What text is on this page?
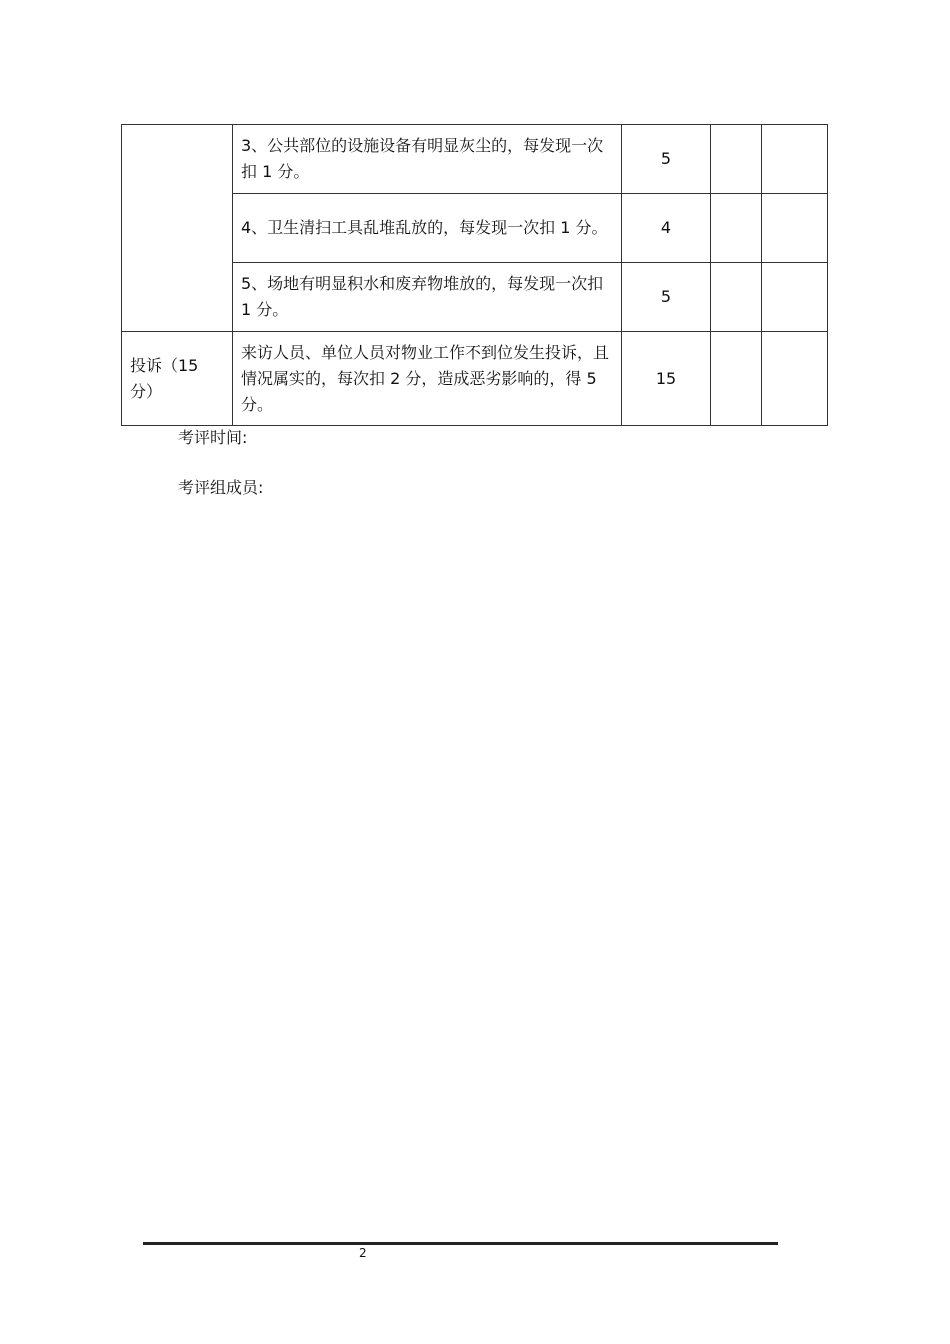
	3、公共部位的设施设备有明显灰尘的，每发现一次扣 1 分。	5		
	4、卫生清扫工具乱堆乱放的，每发现一次扣 1 分。	4		
	5、场地有明显积水和废弃物堆放的，每发现一次扣 1 分。	5		
投诉（15 分）	来访人员、单位人员对物业工作不到位发生投诉，且情况属实的，每次扣 2 分，造成恶劣影响的，得 5 分。	15		
考评时间:
考评组成员:
2
